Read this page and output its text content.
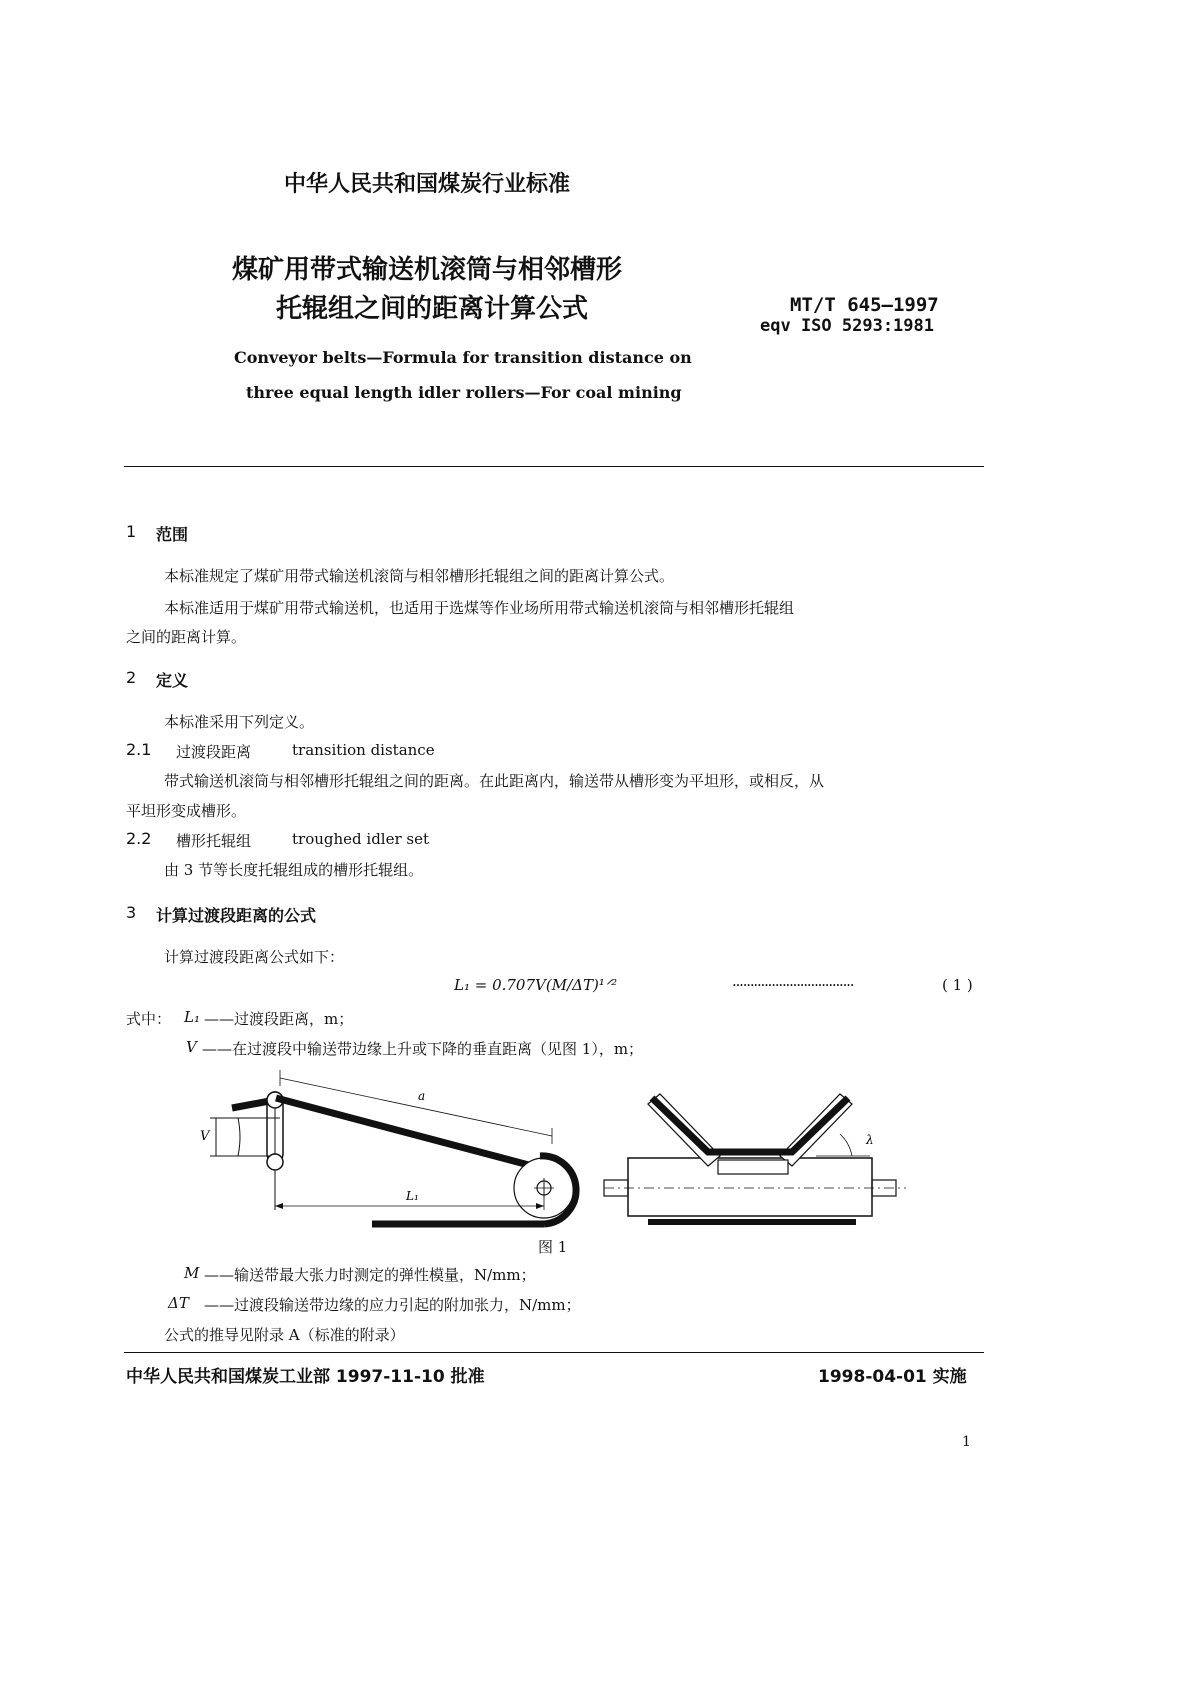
中华人民共和国煤炭行业标准
煤矿用带式输送机滚筒与相邻槽形
托辊组之间的距离计算公式	MT/T 645—1997
eqv ISO 5293:1981
Conveyor belts—Formula for transition distance on
three equal length idler rollers—For coal mining
1 范围
本标准规定了煤矿用带式输送机滚筒与相邻槽形托辊组之间的距离计算公式。
本标准适用于煤矿用带式输送机，也适用于选煤等作业场所用带式输送机滚筒与相邻槽形托辊组
之间的距离计算。
2 定义
本标准采用下列定义。
2.1 过渡段距离	transition distance
带式输送机滚筒与相邻槽形托辊组之间的距离。在此距离内，输送带从槽形变为平坦形，或相反，从
平坦形变成槽形。
2.2 槽形托辊组	troughed idler set
由 3 节等长度托辊组成的槽形托辊组。
3 计算过渡段距离的公式
计算过渡段距离公式如下：
L₁ = 0.707V(M/ΔT)¹ᐟ²	··································	( 1 )
式中： L₁ ——过渡段距离，m；
V ——在过渡段中输送带边缘上升或下降的垂直距离（见图 1），m；
V
a
L₁
λ
图 1
M ——输送带最大张力时测定的弹性模量，N/mm；
ΔT ——过渡段输送带边缘的应力引起的附加张力，N/mm；
公式的推导见附录 A（标准的附录）
中华人民共和国煤炭工业部 1997-11-10 批准	1998-04-01 实施
1
